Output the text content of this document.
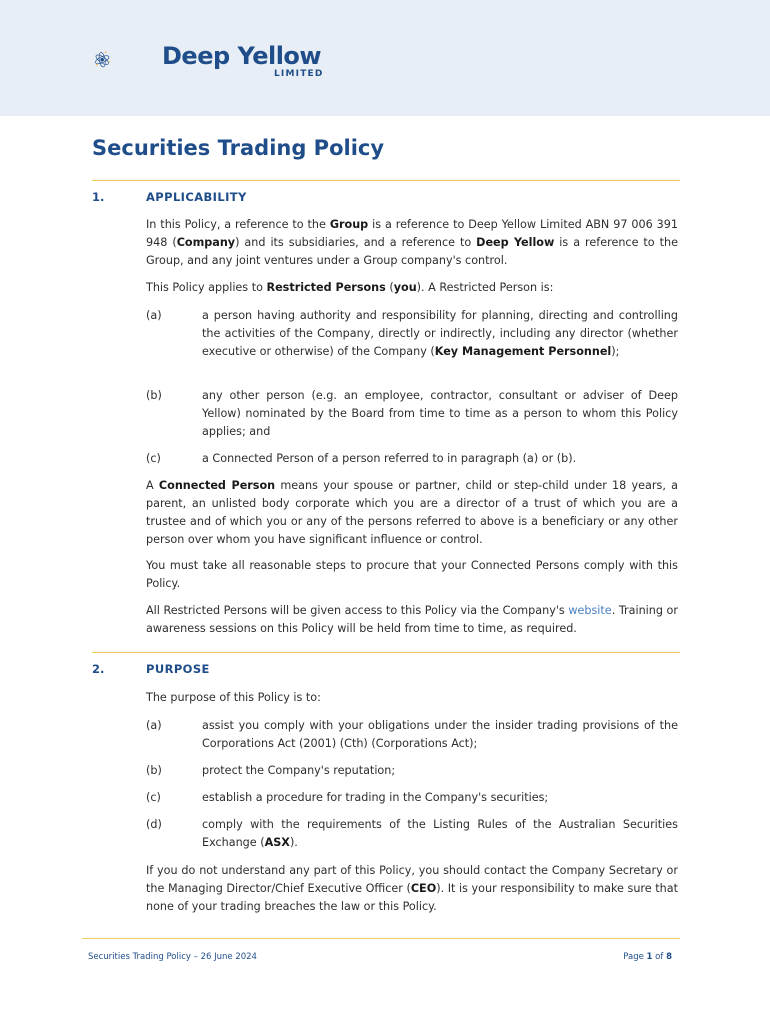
Deep Yellow
LIMITED
Securities Trading Policy
1.	APPLICABILITY
In this Policy, a reference to the Group is a reference to Deep Yellow Limited ABN 97 006 391 948 (Company) and its subsidiaries, and a reference to Deep Yellow is a reference to the Group, and any joint ventures under a Group company's control.
This Policy applies to Restricted Persons (you). A Restricted Person is:
(a)	a person having authority and responsibility for planning, directing and controlling the activities of the Company, directly or indirectly, including any director (whether executive or otherwise) of the Company (Key Management Personnel);
(b)	any other person (e.g. an employee, contractor, consultant or adviser of Deep Yellow) nominated by the Board from time to time as a person to whom this Policy applies; and
(c)	a Connected Person of a person referred to in paragraph (a) or (b).
A Connected Person means your spouse or partner, child or step-child under 18 years, a parent, an unlisted body corporate which you are a director of a trust of which you are a trustee and of which you or any of the persons referred to above is a beneficiary or any other person over whom you have significant influence or control.
You must take all reasonable steps to procure that your Connected Persons comply with this Policy.
All Restricted Persons will be given access to this Policy via the Company's website. Training or awareness sessions on this Policy will be held from time to time, as required.
2.	PURPOSE
The purpose of this Policy is to:
(a)	assist you comply with your obligations under the insider trading provisions of the Corporations Act (2001) (Cth) (Corporations Act);
(b)	protect the Company's reputation;
(c)	establish a procedure for trading in the Company's securities;
(d)	comply with the requirements of the Listing Rules of the Australian Securities Exchange (ASX).
If you do not understand any part of this Policy, you should contact the Company Secretary or the Managing Director/Chief Executive Officer (CEO). It is your responsibility to make sure that none of your trading breaches the law or this Policy.
Securities Trading Policy – 26 June 2024	Page 1 of 8
